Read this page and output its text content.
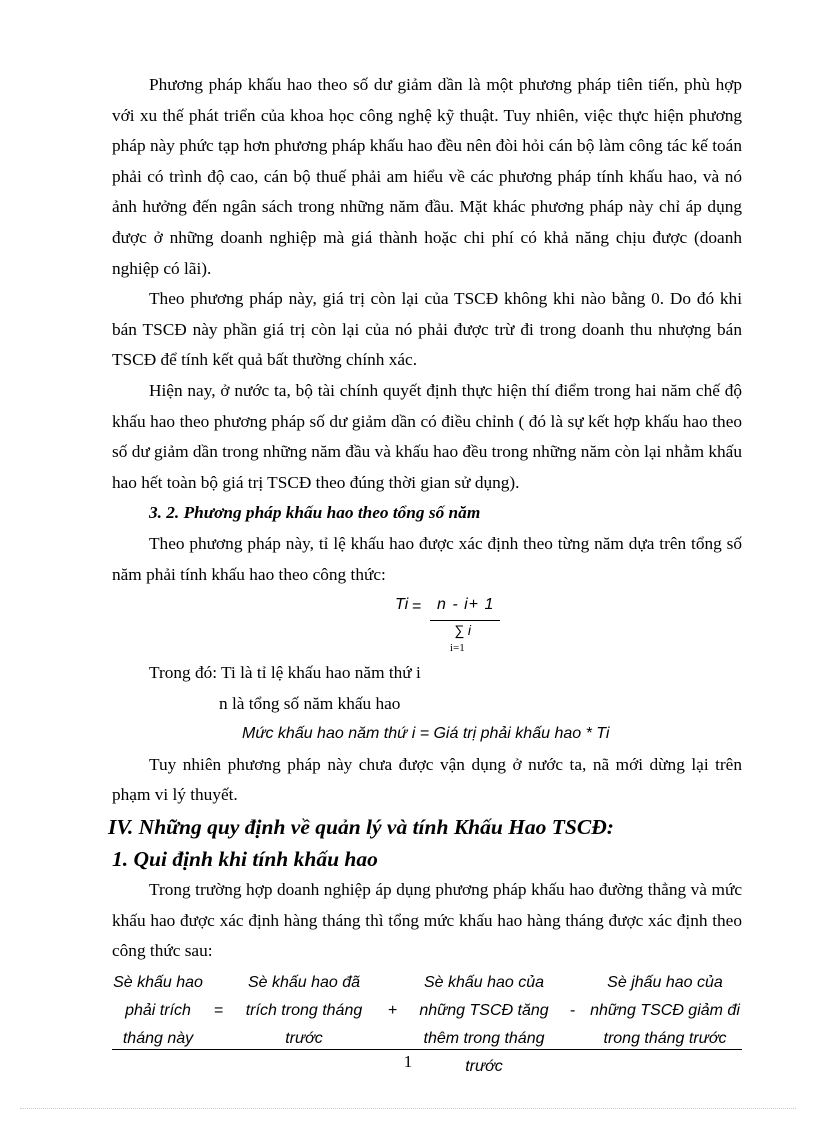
Phương pháp khấu hao theo số dư giảm dần là một phương pháp tiên tiến, phù hợp với xu thế phát triển của khoa học công nghệ kỹ thuật. Tuy nhiên, việc thực hiện phương pháp này phức tạp hơn phương pháp khấu hao đều nên đòi hỏi cán bộ làm công tác kế toán phải có trình độ cao, cán bộ thuế phải am hiểu về các phương pháp tính khấu hao, và nó ảnh hưởng đến ngân sách trong những năm đầu. Mặt khác phương pháp này chỉ áp dụng được ở những doanh nghiệp mà giá thành hoặc chi phí có khả năng chịu được (doanh nghiệp có lãi).

Theo phương pháp này, giá trị còn lại của TSCĐ không khi nào bằng 0. Do đó khi bán TSCĐ này phần giá trị còn lại của nó phải được trừ đi trong doanh thu nhượng bán TSCĐ để tính kết quả bất thường chính xác.

Hiện nay, ở nước ta, bộ tài chính quyết định thực hiện thí điểm trong hai năm chế độ khấu hao theo phương pháp số dư giảm dần có điều chỉnh ( đó là sự kết hợp khấu hao theo số dư giảm dần trong những năm đầu và khấu hao đều trong những năm còn lại nhằm khấu hao hết toàn bộ giá trị TSCĐ theo đúng thời gian sử dụng).

3. 2. Phương pháp khấu hao theo tổng số năm

Theo phương pháp này, tỉ lệ khấu hao được xác định theo từng năm dựa trên tổng số năm phải tính khấu hao theo công thức:

Ti = n - i+ 1
∑ i
i=1

Trong đó: Ti là tỉ lệ khấu hao năm thứ i

n là tổng số năm khấu hao

Mức khấu hao năm thứ i = Giá trị phải khấu hao * Ti

Tuy nhiên phương pháp này chưa được vận dụng ở nước ta, nã mới dừng lại trên phạm vi lý thuyết.

IV. Những quy định về quản lý và tính Khấu Hao TSCĐ:

1. Qui định khi tính khấu hao

Trong trường hợp doanh nghiệp áp dụng phương pháp khấu hao đường thẳng và mức khấu hao được xác định hàng tháng thì tổng mức khấu hao hàng tháng được xác định theo công thức sau:

Sè khấu hao phải trích tháng này
=
Sè khấu hao đã trích trong tháng trước
+
Sè khấu hao của những TSCĐ tăng thêm trong tháng trước
-
Sè jhấu hao của những TSCĐ giảm đi trong tháng trước
1
